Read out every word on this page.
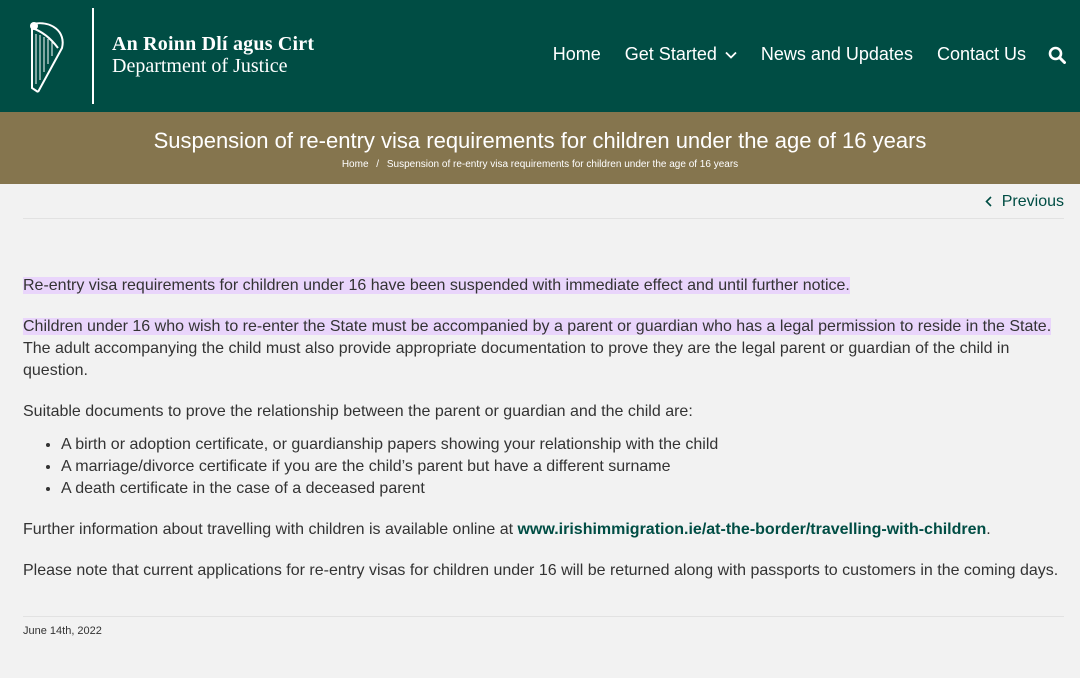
An Roinn Dlí agus Cirt
Department of Justice
Home Get Started News and Updates Contact Us
Suspension of re-entry visa requirements for children under the age of 16 years
Home / Suspension of re-entry visa requirements for children under the age of 16 years
Previous

Re-entry visa requirements for children under 16 have been suspended with immediate effect and until further notice.

Children under 16 who wish to re-enter the State must be accompanied by a parent or guardian who has a legal permission to reside in the State. The adult accompanying the child must also provide appropriate documentation to prove they are the legal parent or guardian of the child in question.

Suitable documents to prove the relationship between the parent or guardian and the child are:

• A birth or adoption certificate, or guardianship papers showing your relationship with the child
• A marriage/divorce certificate if you are the child’s parent but have a different surname
• A death certificate in the case of a deceased parent

Further information about travelling with children is available online at www.irishimmigration.ie/at-the-border/travelling-with-children.

Please note that current applications for re-entry visas for children under 16 will be returned along with passports to customers in the coming days.

June 14th, 2022
